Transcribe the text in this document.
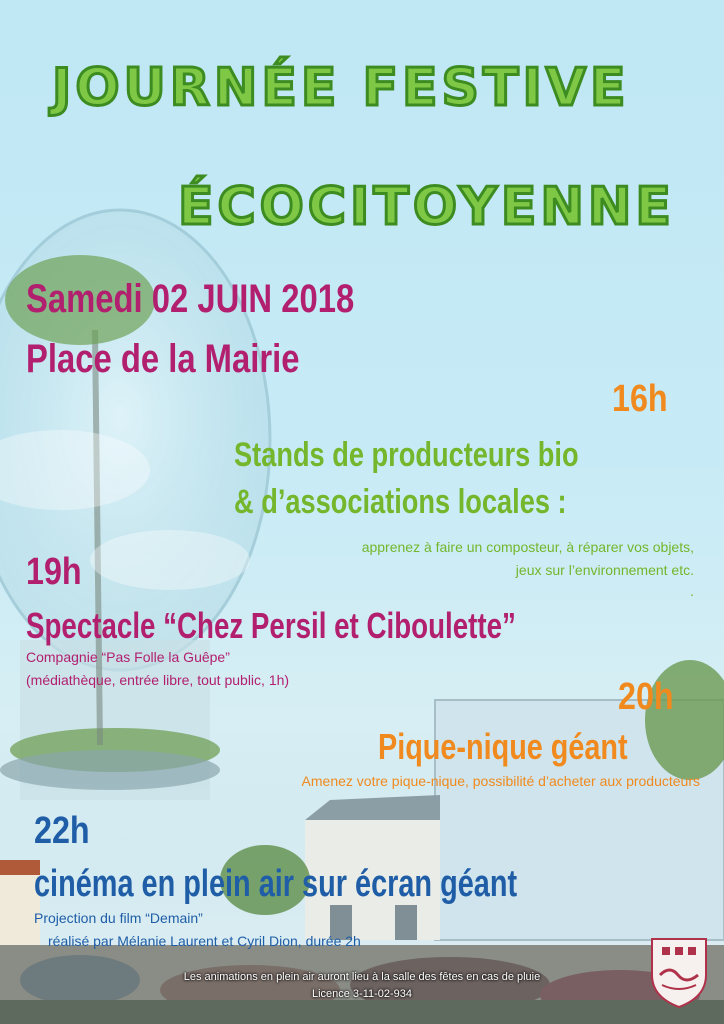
JOURNÉE FESTIVE
ÉCOCITOYENNE
Samedi 02 JUIN 2018
Place de la Mairie
16h
Stands de producteurs bio
& d’associations locales :
apprenez à faire un composteur, à réparer vos objets,
jeux sur l’environnement etc.
.
19h
Spectacle “Chez Persil et Ciboulette”
Compagnie “Pas Folle la Guêpe”
(médiathèque, entrée libre, tout public, 1h)	20h
Pique-nique géant
Amenez votre pique-nique, possibilité d’acheter aux producteurs
22h
cinéma en plein air sur écran géant
Projection du film “Demain”
réalisé par Mélanie Laurent et Cyril Dion, durée 2h
Les animations en plein air auront lieu à la salle des fêtes en cas de pluie
Licence 3-11-02-934
